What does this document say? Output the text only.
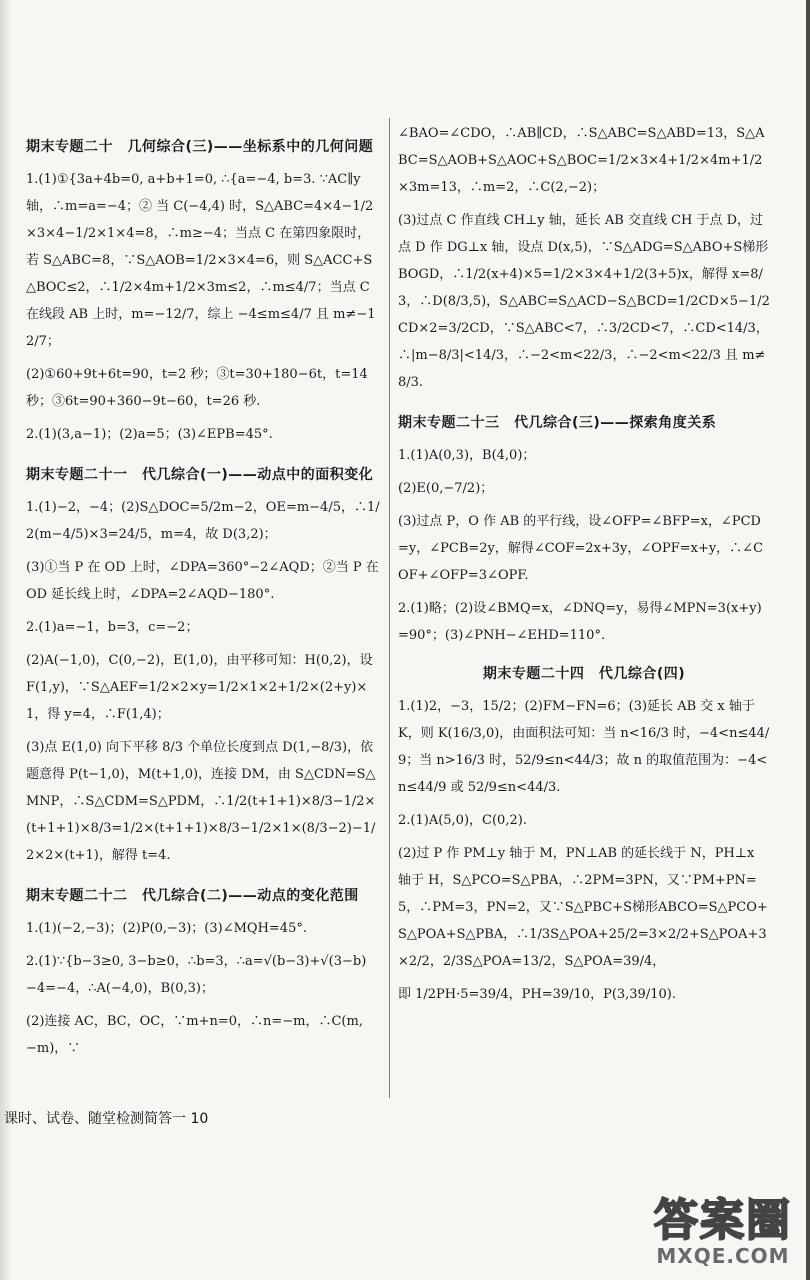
期末专题二十　几何综合(三)——坐标系中的几何问题
1.(1)①{3a+4b=0, a+b+1=0, ∴{a=−4, b=3. ∵AC∥y 轴，∴m=a=−4；② 当 C(−4,4) 时，S△ABC=4×4−1/2×3×4−1/2×1×4=8，∴m≥−4；当点 C 在第四象限时，若 S△ABC=8，∵S△AOB=1/2×3×4=6，则 S△ACC+S△BOC≤2，∴1/2×4m+1/2×3m≤2，∴m≤4/7；当点 C 在线段 AB 上时，m=−12/7，综上 −4≤m≤4/7 且 m≠−12/7；
(2)①60+9t+6t=90，t=2 秒；③t=30+180−6t，t=14 秒；③6t=90+360−9t−60，t=26 秒.
2.(1)(3,a−1)；(2)a=5；(3)∠EPB=45°.
期末专题二十一　代几综合(一)——动点中的面积变化
1.(1)−2，−4；(2)S△DOC=5/2m−2，OE=m−4/5，∴1/2(m−4/5)×3=24/5，m=4，故 D(3,2)；
(3)①当 P 在 OD 上时，∠DPA=360°−2∠AQD；②当 P 在 OD 延长线上时，∠DPA=2∠AQD−180°.
2.(1)a=−1，b=3，c=−2；
(2)A(−1,0)，C(0,−2)，E(1,0)，由平移可知：H(0,2)，设 F(1,y)，∵S△AEF=1/2×2×y=1/2×1×2+1/2×(2+y)×1，得 y=4，∴F(1,4)；
(3)点 E(1,0) 向下平移 8/3 个单位长度到点 D(1,−8/3)，依题意得 P(t−1,0)，M(t+1,0)，连接 DM，由 S△CDN=S△MNP，∴S△CDM=S△PDM，∴1/2(t+1+1)×8/3−1/2×(t+1+1)×8/3=1/2×(t+1+1)×8/3−1/2×1×(8/3−2)−1/2×2×(t+1)，解得 t=4.
期末专题二十二　代几综合(二)——动点的变化范围
1.(1)(−2,−3)；(2)P(0,−3)；(3)∠MQH=45°.
2.(1)∵{b−3≥0, 3−b≥0，∴b=3，∴a=√(b−3)+√(3−b)−4=−4，∴A(−4,0)，B(0,3)；
(2)连接 AC，BC，OC，∵m+n=0，∴n=−m，∴C(m,−m)，∵
∠BAO=∠CDO，∴AB∥CD，∴S△ABC=S△ABD=13，S△ABC=S△AOB+S△AOC+S△BOC=1/2×3×4+1/2×4m+1/2×3m=13，∴m=2，∴C(2,−2)；
(3)过点 C 作直线 CH⊥y 轴，延长 AB 交直线 CH 于点 D，过点 D 作 DG⊥x 轴，设点 D(x,5)，∵S△ADG=S△ABO+S梯形BOGD，∴1/2(x+4)×5=1/2×3×4+1/2(3+5)x，解得 x=8/3，∴D(8/3,5)，S△ABC=S△ACD−S△BCD=1/2CD×5−1/2CD×2=3/2CD，∵S△ABC<7，∴3/2CD<7，∴CD<14/3，∴|m−8/3|<14/3，∴−2<m<22/3，∴−2<m<22/3 且 m≠8/3.
期末专题二十三　代几综合(三)——探索角度关系
1.(1)A(0,3)，B(4,0)；
(2)E(0,−7/2)；
(3)过点 P，O 作 AB 的平行线，设∠OFP=∠BFP=x，∠PCD=y，∠PCB=2y，解得∠COF=2x+3y，∠OPF=x+y，∴∠COF+∠OFP=3∠OPF.
2.(1)略；(2)设∠BMQ=x，∠DNQ=y，易得∠MPN=3(x+y)=90°；(3)∠PNH−∠EHD=110°.
期末专题二十四　代几综合(四)
1.(1)2，−3，15/2；(2)FM−FN=6；(3)延长 AB 交 x 轴于 K，则 K(16/3,0)，由面积法可知：当 n<16/3 时，−4<n≤44/9；当 n>16/3 时，52/9≤n<44/3；故 n 的取值范围为：−4<n≤44/9 或 52/9≤n<44/3.
2.(1)A(5,0)，C(0,2).
(2)过 P 作 PM⊥y 轴于 M，PN⊥AB 的延长线于 N，PH⊥x 轴于 H，S△PCO=S△PBA，∴2PM=3PN，又∵PM+PN=5，∴PM=3，PN=2，又∵S△PBC+S梯形ABCO=S△PCO+S△POA+S△PBA，∴1/3S△POA+25/2=3×2/2+S△POA+3×2/2，2/3S△POA=13/2，S△POA=39/4，
即 1/2PH·5=39/4，PH=39/10，P(3,39/10).
课时、试卷、随堂检测简答一 10
答案圈
MXQE.COM
